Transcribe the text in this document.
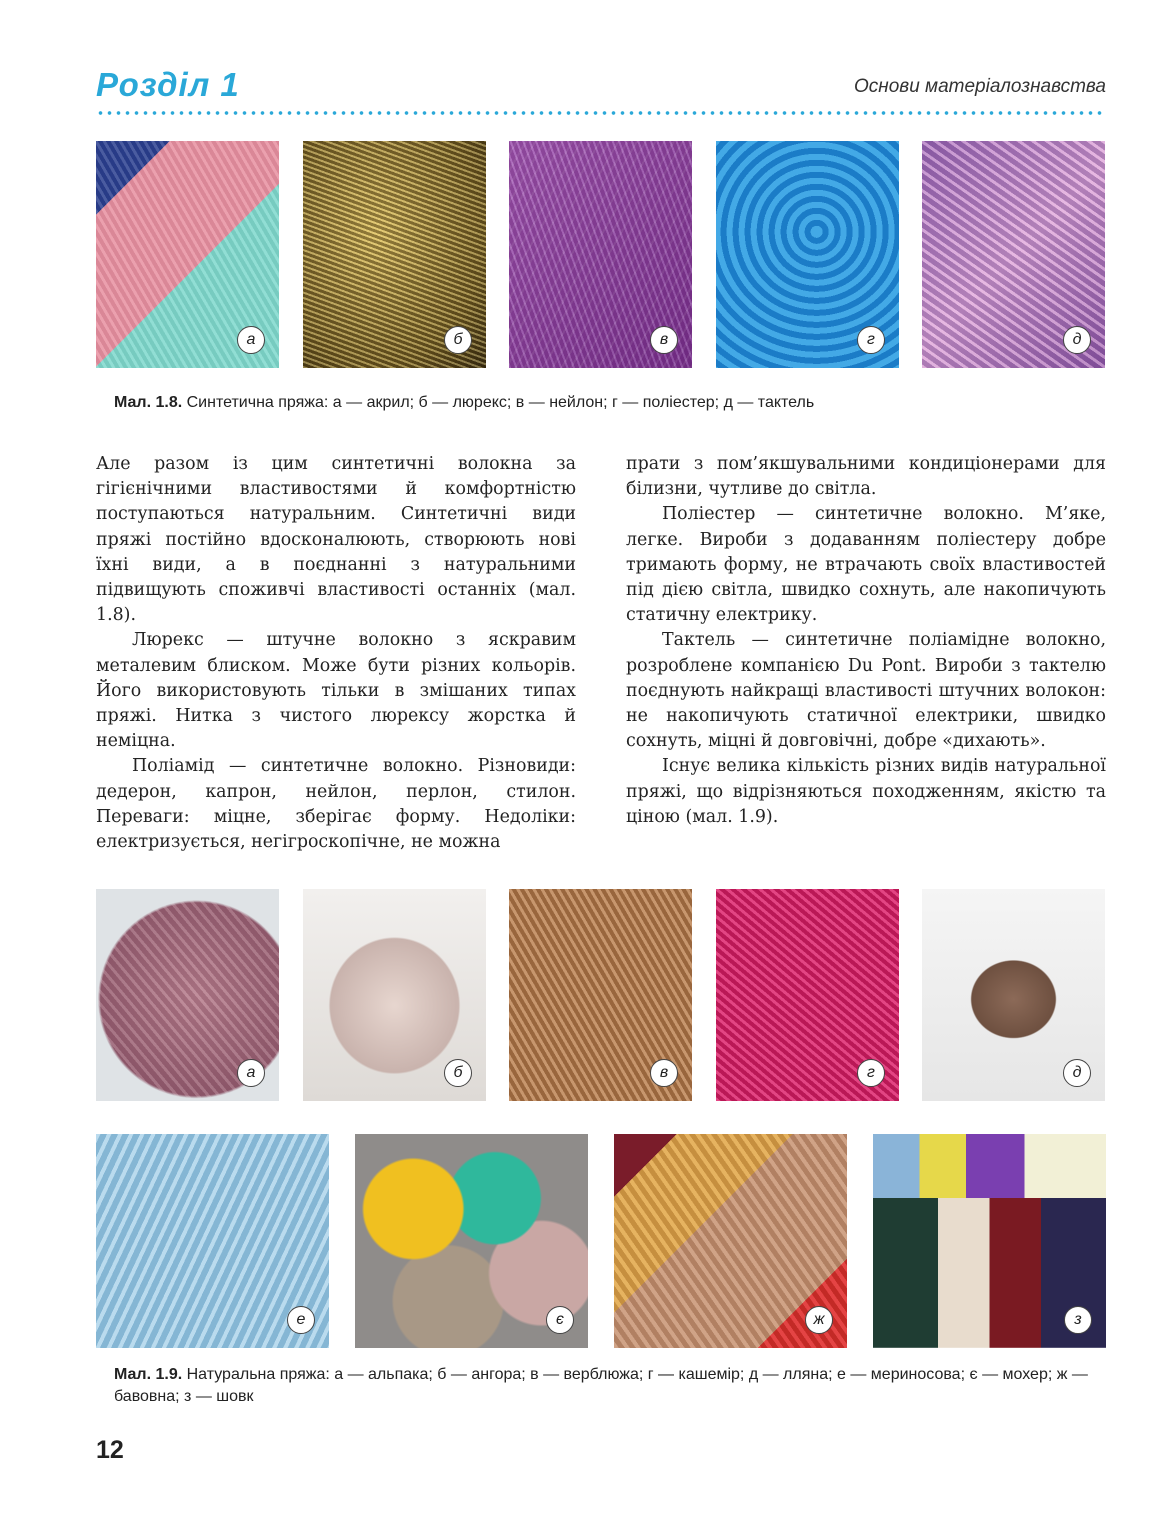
Розділ 1	Основи матеріалознавства
а	б	в	г	д
Мал. 1.8. Синтетична пряжа: а — акрил; б — люрекс; в — нейлон; г — поліестер; д — тактель

Але разом із цим синтетичні волокна за гігієнічними властивостями й комфортністю поступаються натуральним. Синтетичні види пряжі постійно вдосконалюють, створюють нові їхні види, а в поєднанні з натуральними підвищують споживчі властивості останніх (мал. 1.8).

Люрекс — штучне волокно з яскравим металевим блиском. Може бути різних кольорів. Його використовують тільки в змішаних типах пряжі. Нитка з чистого люрексу жорстка й неміцна.

Поліамід — синтетичне волокно. Різновиди: дедерон, капрон, нейлон, перлон, стилон. Переваги: міцне, зберігає форму. Недоліки: електризується, негігроскопічне, не можна

прати з пом’якшувальними кондиціонерами для білизни, чутливе до світла.

Поліестер — синтетичне волокно. М’яке, легке. Вироби з додаванням поліестеру добре тримають форму, не втрачають своїх властивостей під дією світла, швидко сохнуть, але накопичують статичну електрику.

Тактель — синтетичне поліамідне волокно, розроблене компанією Du Pont. Вироби з тактелю поєднують найкращі властивості штучних волокон: не накопичують статичної електрики, швидко сохнуть, міцні й довговічні, добре «дихають».

Існує велика кількість різних видів натуральної пряжі, що відрізняються походженням, якістю та ціною (мал. 1.9).

а	б	в	г	д
е	є	ж	з
Мал. 1.9. Натуральна пряжа: а — альпака; б — ангора; в — верблюжа; г — кашемір; д — лляна; е — мериносова; є — мохер; ж — бавовна; з — шовк
12
